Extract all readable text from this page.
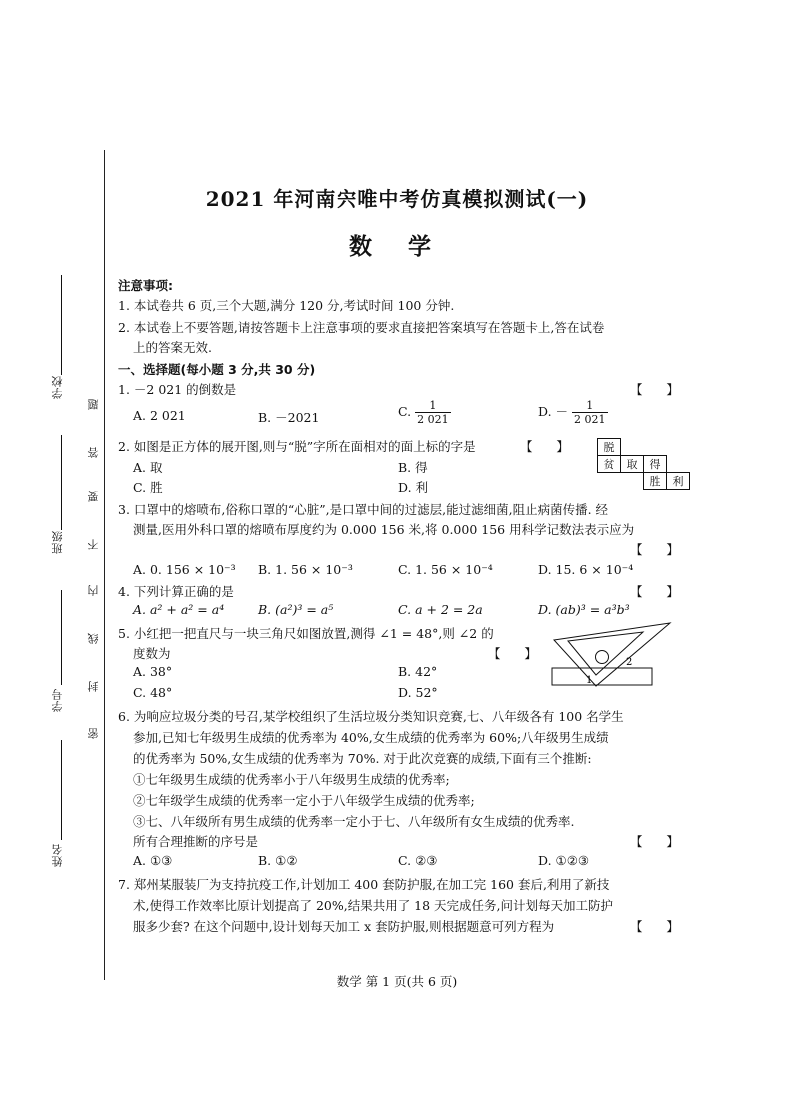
学校
班级
学号
姓名
题
答
要
不
内
线
封
密
2021 年河南宍唯中考仿真模拟测试(一)
数 学
注意事项:
1. 本试卷共 6 页,三个大题,满分 120 分,考试时间 100 分钟.
2. 本试卷上不要答题,请按答题卡上注意事项的要求直接把答案填写在答题卡上,答在试卷
上的答案无效.
一、选择题(每小题 3 分,共 30 分)
1. －2 021 的倒数是	【      】
A. 2 021	B. －2021	C. $\frac{1}{2 021}$	D. － $\frac{1}{2 021}$
2. 如图是正方体的展开图,则与“脱”字所在面相对的面上标的字是	【      】
A. 取	B. 得
C. 胜	D. 利
脱			
贫	取	得	
		胜	利
3. 口罩中的熔喷布,俗称口罩的“心脏”,是口罩中间的过滤层,能过滤细菌,阻止病菌传播. 经
测量,医用外科口罩的熔喷布厚度约为 0.000 156 米,将 0.000 156 用科学记数法表示应为
【      】
A. 0. 156 × 10⁻³ B. 1. 56 × 10⁻³	C. 1. 56 × 10⁻⁴	D. 15. 6 × 10⁻⁴
4. 下列计算正确的是	【      】
A. a² + a² = a⁴	B. (a²)³ = a⁵	C. a + 2 = 2a	D. (ab)³ = a³b³
5. 小红把一把直尺与一块三角尺如图放置,测得 ∠1 = 48°,则 ∠2 的
度数为	【      】
A. 38°	B. 42°
C. 48°	D. 52°
1
2
6. 为响应垃圾分类的号召,某学校组织了生活垃圾分类知识竞赛,七、八年级各有 100 名学生
参加,已知七年级男生成绩的优秀率为 40%,女生成绩的优秀率为 60%;八年级男生成绩
的优秀率为 50%,女生成绩的优秀率为 70%. 对于此次竞赛的成绩,下面有三个推断:
①七年级男生成绩的优秀率小于八年级男生成绩的优秀率;
②七年级学生成绩的优秀率一定小于八年级学生成绩的优秀率;
③七、八年级所有男生成绩的优秀率一定小于七、八年级所有女生成绩的优秀率.
所有合理推断的序号是	【      】
A. ①③	B. ①②	C. ②③	D. ①②③
7. 郑州某服装厂为支持抗疫工作,计划加工 400 套防护服,在加工完 160 套后,利用了新技
术,使得工作效率比原计划提高了 20%,结果共用了 18 天完成任务,问计划每天加工防护
服多少套? 在这个问题中,设计划每天加工 x 套防护服,则根据题意可列方程为	【      】
数学 第 1 页(共 6 页)
